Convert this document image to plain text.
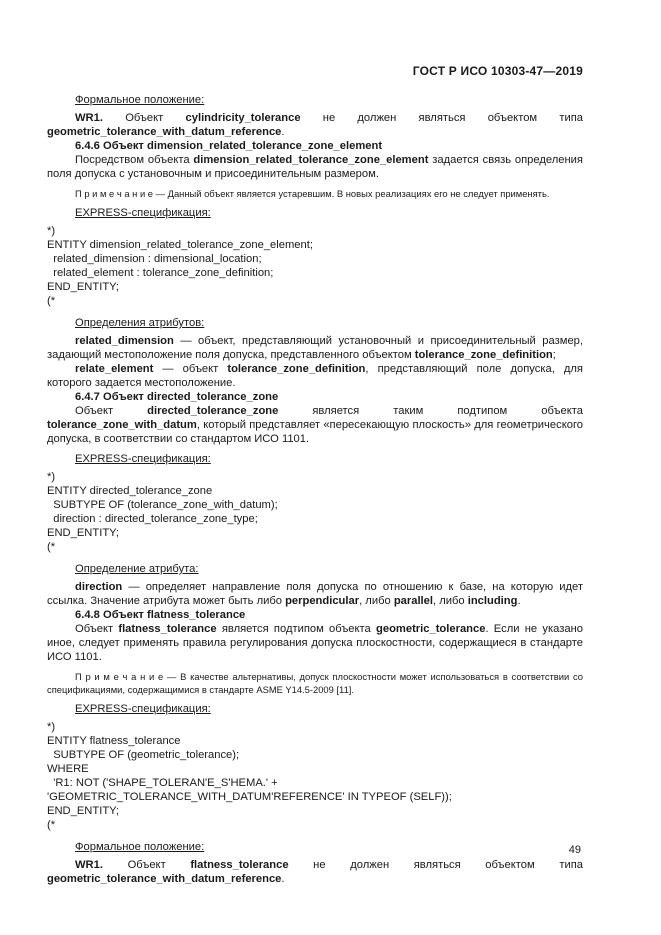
ГОСТ Р ИСО 10303-47—2019

Формальное положение:

WR1. Объект cylindricity_tolerance не должен являться объектом типа geometric_tolerance_with_datum_reference.

6.4.6 Объект dimension_related_tolerance_zone_element

Посредством объекта dimension_related_tolerance_zone_element задается связь определения поля допуска с установочным и присоединительным размером.

П р и м е ч а н и е — Данный объект является устаревшим. В новых реализациях его не следует применять.

EXPRESS-спецификация:

*)
ENTITY dimension_related_tolerance_zone_element;
related_dimension : dimensional_location;
related_element : tolerance_zone_definition;
END_ENTITY;
(*

Определения атрибутов:

related_dimension — объект, представляющий установочный и присоединительный размер, задающий местоположение поля допуска, представленного объектом tolerance_zone_definition;

relate_element — объект tolerance_zone_definition, представляющий поле допуска, для которого задается местоположение.

6.4.7 Объект directed_tolerance_zone

Объект directed_tolerance_zone является таким подтипом объекта tolerance_zone_with_datum, который представляет «пересекающую плоскость» для геометрического допуска, в соответствии со стандартом ИСО 1101.

EXPRESS-спецификация:

*)
ENTITY directed_tolerance_zone
SUBTYPE OF (tolerance_zone_with_datum);
direction : directed_tolerance_zone_type;
END_ENTITY;
(*

Определение атрибута:

direction — определяет направление поля допуска по отношению к базе, на которую идет ссылка. Значение атрибута может быть либо perpendicular, либо parallel, либо including.

6.4.8 Объект flatness_tolerance

Объект flatness_tolerance является подтипом объекта geometric_tolerance. Если не указано иное, следует применять правила регулирования допуска плоскостности, содержащиеся в стандарте ИСО 1101.

П р и м е ч а н и е — В качестве альтернативы, допуск плоскостности может использоваться в соответствии со спецификациями, содержащимися в стандарте ASME Y14.5-2009 [11].

EXPRESS-спецификация:

*)
ENTITY flatness_tolerance
SUBTYPE OF (geometric_tolerance);
WHERE
'R1: NOT ('SHAPE_TOLERAN'E_S'HEMA.' +
'GEOMETRIC_TOLERANCE_WITH_DATUM'REFERENCE' IN TYPEOF (SELF));
END_ENTITY;
(*

Формальное положение:

WR1. Объект flatness_tolerance не должен являться объектом типа geometric_tolerance_with_datum_reference.

49
